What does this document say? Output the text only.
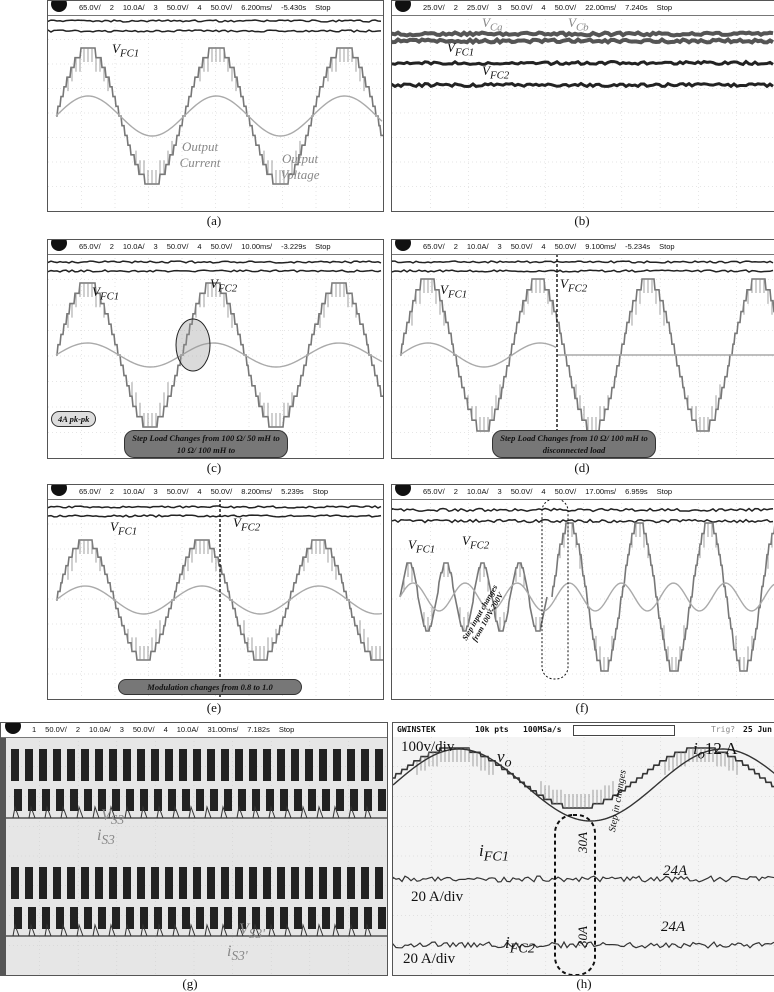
65.0V/ 2 10.0A/ 3 50.0V/ 4 50.0V/ 6.200ms/ -5.430s Stop
$V_{FC1}$
Output Current	Output Voltage
(a)
25.0V/ 2 25.0V/ 3 50.0V/ 4 50.0V/ 22.00ms/ 7.240s Stop
$V_{Ca}$	$V_{Cb}$
$V_{FC1}$
$V_{FC2}$
(b)
65.0V/ 2 10.0A/ 3 50.0V/ 4 50.0V/ 10.00ms/ -3.229s Stop
$V_{FC1}$
$V_{FC2}$
4A pk-pk
Step Load Changes from 100 Ω/ 50 mH to 10 Ω/ 100 mH to
(c)
65.0V/ 2 10.0A/ 3 50.0V/ 4 50.0V/ 9.100ms/ -5.234s Stop
$V_{FC1}$
$V_{FC2}$
Step Load Changes from 10 Ω/ 100 mH to disconnected load
(d)
65.0V/ 2 10.0A/ 3 50.0V/ 4 50.0V/ 8.200ms/ 5.239s Stop
$V_{FC1}$
$V_{FC2}$
Modulation changes from 0.8 to 1.0
(e)
65.0V/ 2 10.0A/ 3 50.0V/ 4 50.0V/ 17.00ms/ 6.959s Stop
$V_{FC1}$
$V_{FC2}$
Step input changes from 100V-200V
(f)
1 50.0V/ 2 10.0A/ 3 50.0V/ 4 10.0A/ 31.00ms/ 7.182s Stop
$V_{S3}$
$i_{S3}$
$V_{S3'}$
$i_{S3'}$
(g)
GWINSTEK	10k pts 100MSa/s	Trig? 25 Jun
100v/div	$v_o$
$i_o12$ A
$i_{FC1}$
20 A/div
$i_{FC2}$
20 A/div
30A
30A
24A
24A
Step in changes
(h)
